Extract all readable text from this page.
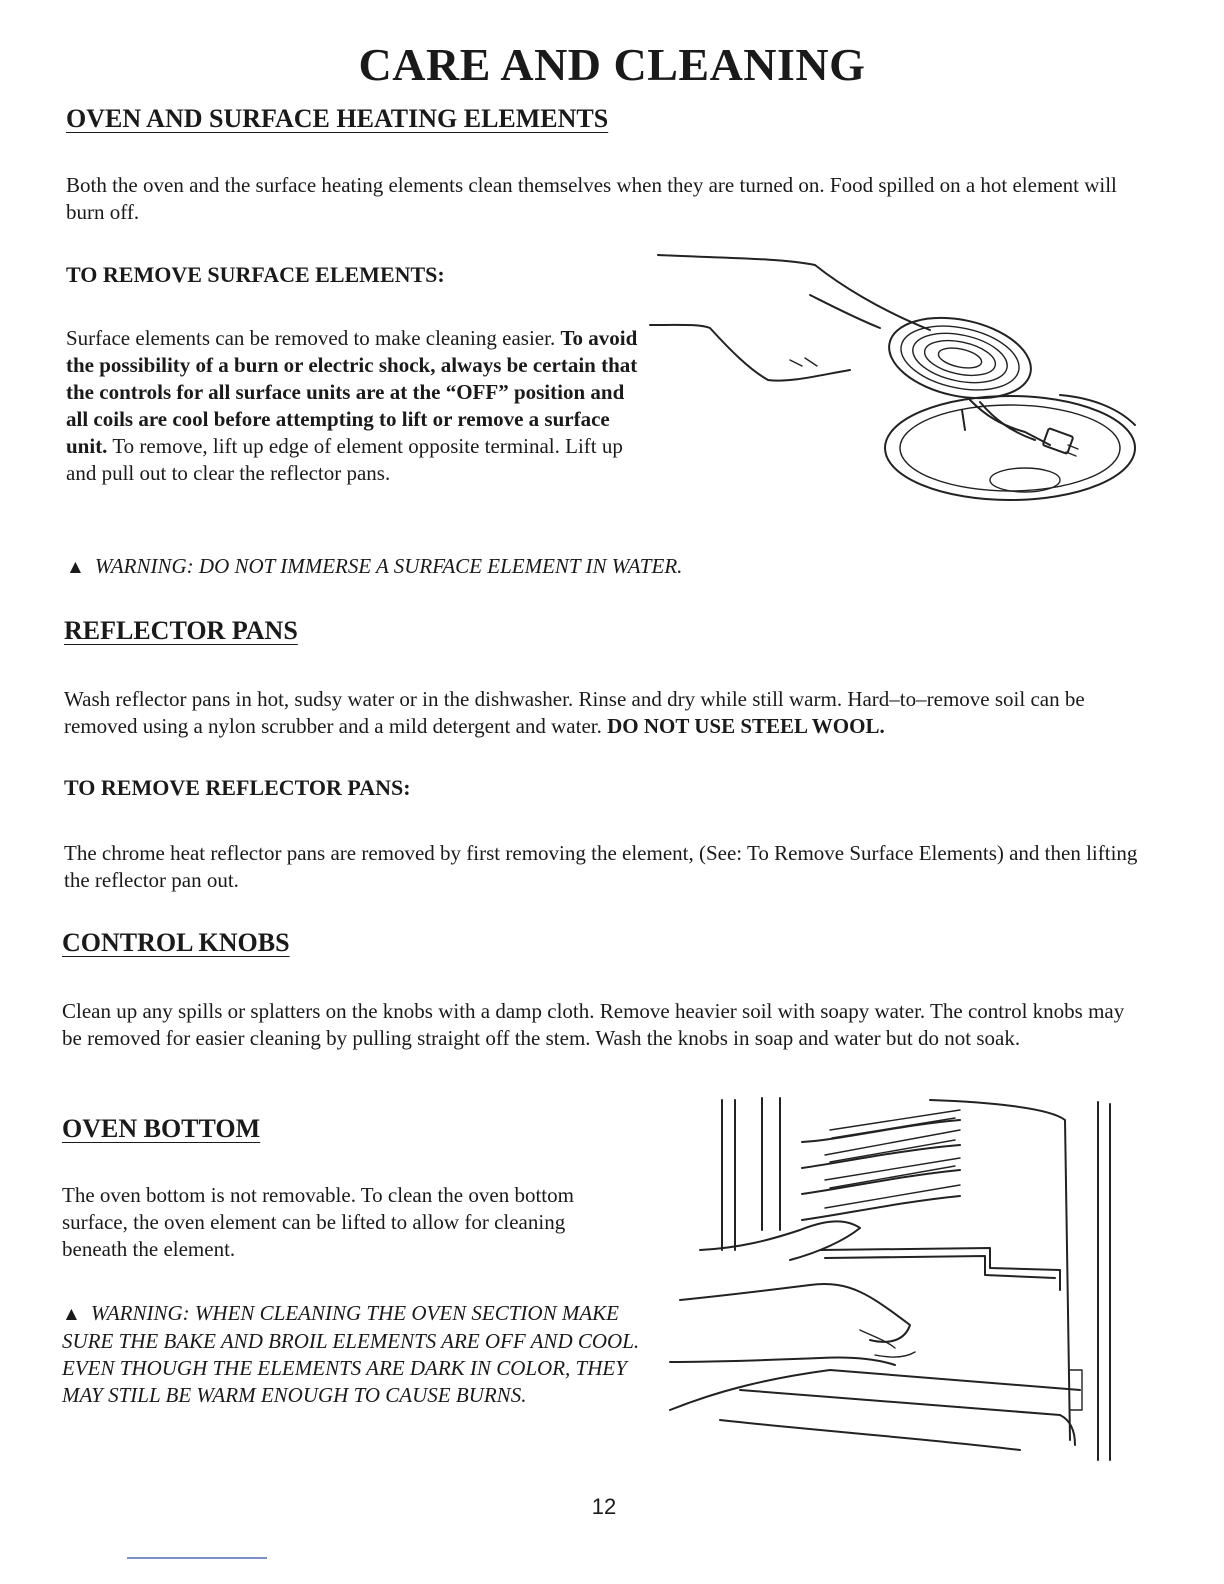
CARE AND CLEANING
OVEN AND SURFACE HEATING ELEMENTS

Both the oven and the surface heating elements clean themselves when they are turned on. Food spilled on a hot element will burn off.

TO REMOVE SURFACE ELEMENTS:

Surface elements can be removed to make cleaning easier. To avoid the possibility of a burn or electric shock, always be certain that the controls for all surface units are at the “OFF” position and all coils are cool before attempting to lift or remove a surface unit. To remove, lift up edge of element opposite terminal. Lift up and pull out to clear the reflector pans.

▲ WARNING: DO NOT IMMERSE A SURFACE ELEMENT IN WATER.

REFLECTOR PANS

Wash reflector pans in hot, sudsy water or in the dishwasher. Rinse and dry while still warm. Hard–to–remove soil can be removed using a nylon scrubber and a mild detergent and water. DO NOT USE STEEL WOOL.

TO REMOVE REFLECTOR PANS:

The chrome heat reflector pans are removed by first removing the element, (See: To Remove Surface Elements) and then lifting the reflector pan out.

CONTROL KNOBS

Clean up any spills or splatters on the knobs with a damp cloth. Remove heavier soil with soapy water. The control knobs may be removed for easier cleaning by pulling straight off the stem. Wash the knobs in soap and water but do not soak.

OVEN BOTTOM

The oven bottom is not removable. To clean the oven bottom surface, the oven element can be lifted to allow for cleaning beneath the element.

▲ WARNING: WHEN CLEANING THE OVEN SECTION MAKE SURE THE BAKE AND BROIL ELEMENTS ARE OFF AND COOL. EVEN THOUGH THE ELEMENTS ARE DARK IN COLOR, THEY MAY STILL BE WARM ENOUGH TO CAUSE BURNS.

12
